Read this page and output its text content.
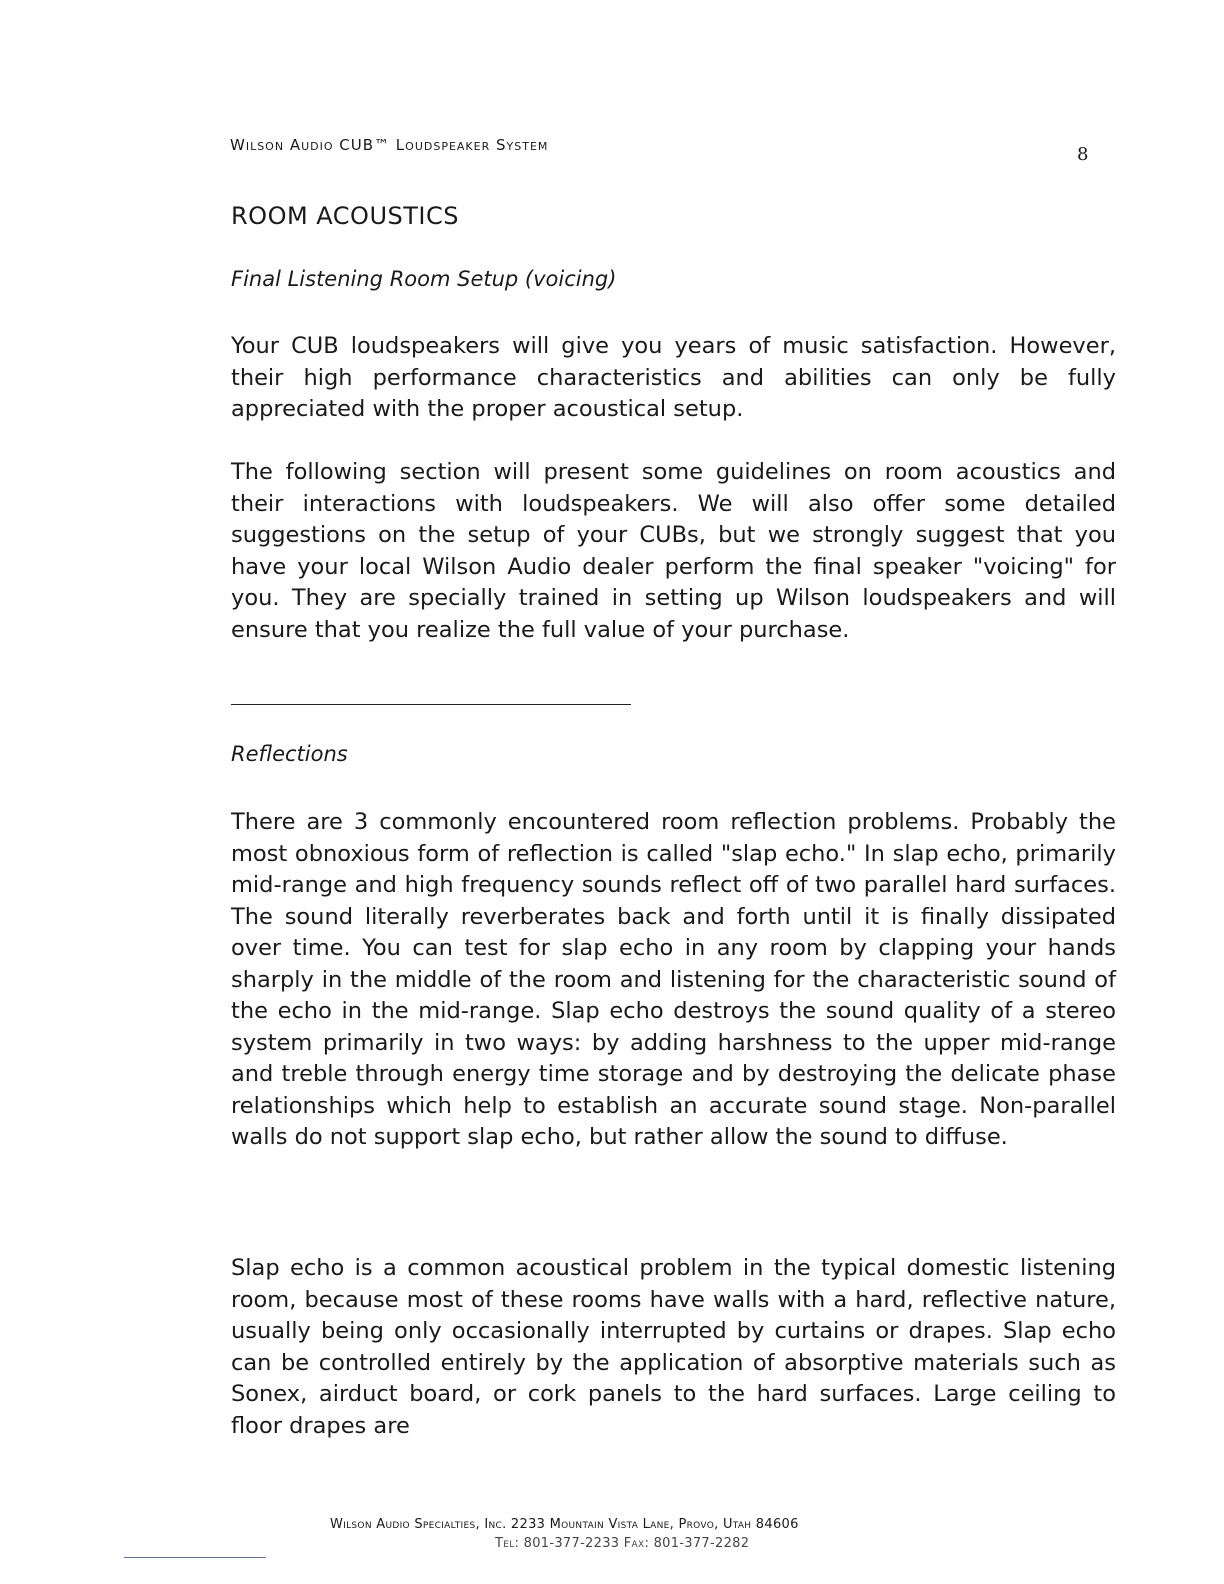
Wilson Audio CUB™ Loudspeaker System	8
ROOM ACOUSTICS
Final Listening Room Setup (voicing)

Your CUB loudspeakers will give you years of music satisfaction. However, their high performance characteristics and abilities can only be fully appreciated with the proper acoustical setup.

The following section will present some guidelines on room acoustics and their interactions with loudspeakers. We will also offer some detailed suggestions on the setup of your CUBs, but we strongly suggest that you have your local Wilson Audio dealer perform the final speaker "voicing" for you. They are specially trained in setting up Wilson loudspeakers and will ensure that you realize the full value of your purchase.

Reflections

There are 3 commonly encountered room reflection problems. Probably the most obnoxious form of reflection is called "slap echo." In slap echo, primarily mid-range and high frequency sounds reflect off of two parallel hard surfaces. The sound literally reverberates back and forth until it is finally dissipated over time. You can test for slap echo in any room by clapping your hands sharply in the middle of the room and listening for the characteristic sound of the echo in the mid-range. Slap echo destroys the sound quality of a stereo system primarily in two ways: by adding harshness to the upper mid-range and treble through energy time storage and by destroying the delicate phase relationships which help to establish an accurate sound stage. Non-parallel walls do not support slap echo, but rather allow the sound to diffuse.

Slap echo is a common acoustical problem in the typical domestic listening room, because most of these rooms have walls with a hard, reflective nature, usually being only occasionally interrupted by curtains or drapes. Slap echo can be controlled entirely by the application of absorptive materials such as Sonex, airduct board, or cork panels to the hard surfaces. Large ceiling to floor drapes are

Wilson Audio Specialties, Inc. 2233 Mountain Vista Lane, Provo, Utah 84606
Tel: 801-377-2233 Fax: 801-377-2282
